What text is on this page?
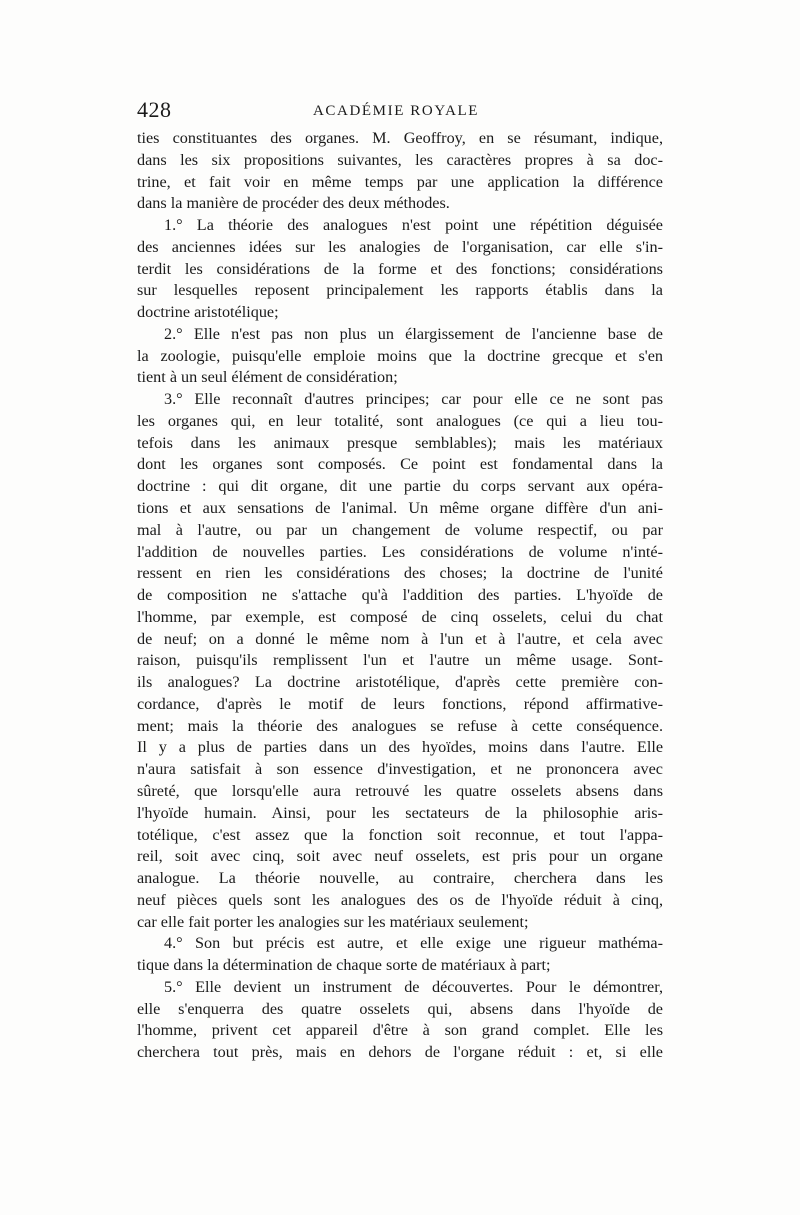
428	ACADÉMIE ROYALE
ties constituantes des organes. M. Geoffroy, en se résumant, indique,
dans les six propositions suivantes, les caractères propres à sa doc-
trine, et fait voir en même temps par une application la différence
dans la manière de procéder des deux méthodes.
1.° La théorie des analogues n'est point une répétition déguisée
des anciennes idées sur les analogies de l'organisation, car elle s'in-
terdit les considérations de la forme et des fonctions; considérations
sur lesquelles reposent principalement les rapports établis dans la
doctrine aristotélique;
2.° Elle n'est pas non plus un élargissement de l'ancienne base de
la zoologie, puisqu'elle emploie moins que la doctrine grecque et s'en
tient à un seul élément de considération;
3.° Elle reconnaît d'autres principes; car pour elle ce ne sont pas
les organes qui, en leur totalité, sont analogues (ce qui a lieu tou-
tefois dans les animaux presque semblables); mais les matériaux
dont les organes sont composés. Ce point est fondamental dans la
doctrine : qui dit organe, dit une partie du corps servant aux opéra-
tions et aux sensations de l'animal. Un même organe diffère d'un ani-
mal à l'autre, ou par un changement de volume respectif, ou par
l'addition de nouvelles parties. Les considérations de volume n'inté-
ressent en rien les considérations des choses; la doctrine de l'unité
de composition ne s'attache qu'à l'addition des parties. L'hyoïde de
l'homme, par exemple, est composé de cinq osselets, celui du chat
de neuf; on a donné le même nom à l'un et à l'autre, et cela avec
raison, puisqu'ils remplissent l'un et l'autre un même usage. Sont-
ils analogues? La doctrine aristotélique, d'après cette première con-
cordance, d'après le motif de leurs fonctions, répond affirmative-
ment; mais la théorie des analogues se refuse à cette conséquence.
Il y a plus de parties dans un des hyoïdes, moins dans l'autre. Elle
n'aura satisfait à son essence d'investigation, et ne prononcera avec
sûreté, que lorsqu'elle aura retrouvé les quatre osselets absens dans
l'hyoïde humain. Ainsi, pour les sectateurs de la philosophie aris-
totélique, c'est assez que la fonction soit reconnue, et tout l'appa-
reil, soit avec cinq, soit avec neuf osselets, est pris pour un organe
analogue. La théorie nouvelle, au contraire, cherchera dans les
neuf pièces quels sont les analogues des os de l'hyoïde réduit à cinq,
car elle fait porter les analogies sur les matériaux seulement;
4.° Son but précis est autre, et elle exige une rigueur mathéma-
tique dans la détermination de chaque sorte de matériaux à part;
5.° Elle devient un instrument de découvertes. Pour le démontrer,
elle s'enquerra des quatre osselets qui, absens dans l'hyoïde de
l'homme, privent cet appareil d'être à son grand complet. Elle les
cherchera tout près, mais en dehors de l'organe réduit : et, si elle
